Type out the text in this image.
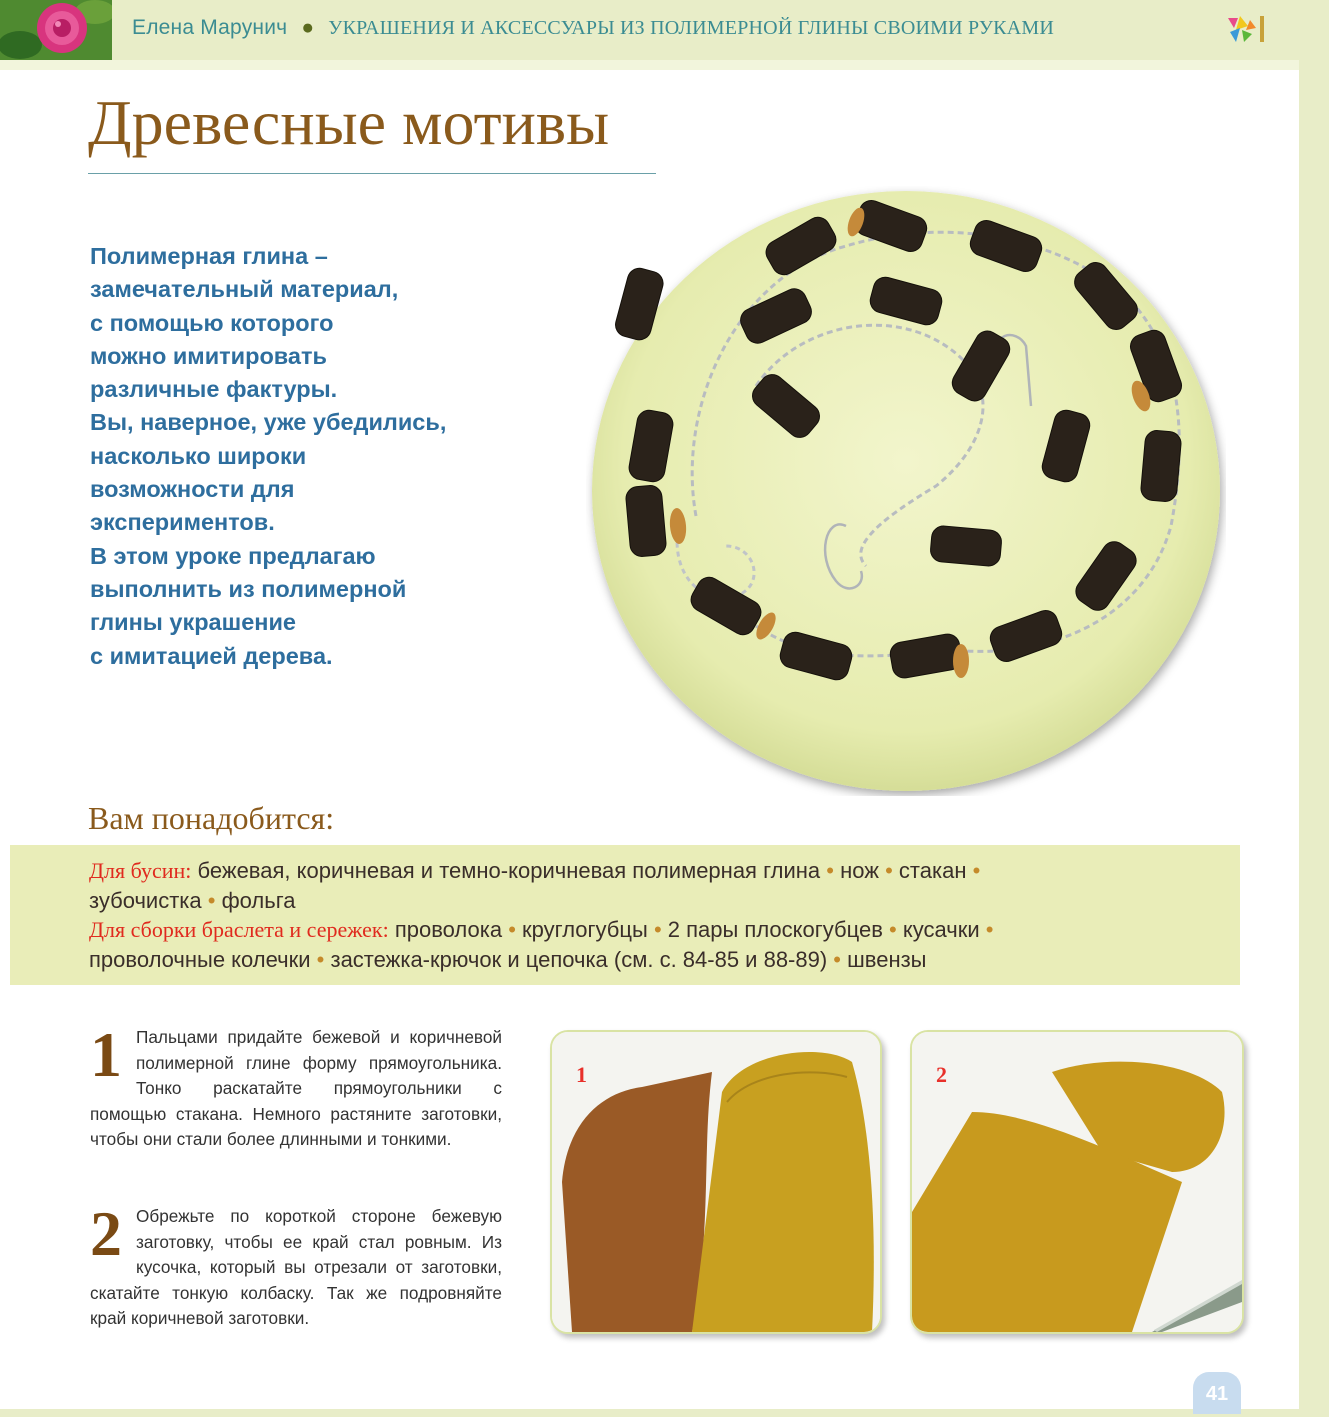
Елена Марунич ● УКРАШЕНИЯ И АКСЕССУАРЫ ИЗ ПОЛИМЕРНОЙ ГЛИНЫ СВОИМИ РУКАМИ
Древесные мотивы
Полимерная глина –
замечательный материал,
с помощью которого
можно имитировать
различные фактуры.
Вы, наверное, уже убедились,
насколько широки
возможности для
экспериментов.
В этом уроке предлагаю
выполнить из полимерной
глины украшение
с имитацией дерева.
Вам понадобится:
Для бусин: бежевая, коричневая и темно-коричневая полимерная глина • нож • стакан •
зубочистка • фольга
Для сборки браслета и сережек: проволока • круглогубцы • 2 пары плоскогубцев • кусачки •
проволочные колечки • застежка-крючок и цепочка (см. с. 84-85 и 88-89) • швензы
1 Пальцами придайте бежевой и коричневой полимерной глине форму прямоугольника. Тонко раскатайте прямоугольники с помощью стакана. Немного растяните заготовки, чтобы они стали более длинными и тонкими.
2 Обрежьте по короткой стороне бежевую заготовку, чтобы ее край стал ровным. Из кусочка, который вы отрезали от заготовки, скатайте тонкую колбаску. Так же подровняйте край коричневой заготовки.
1	2
41
